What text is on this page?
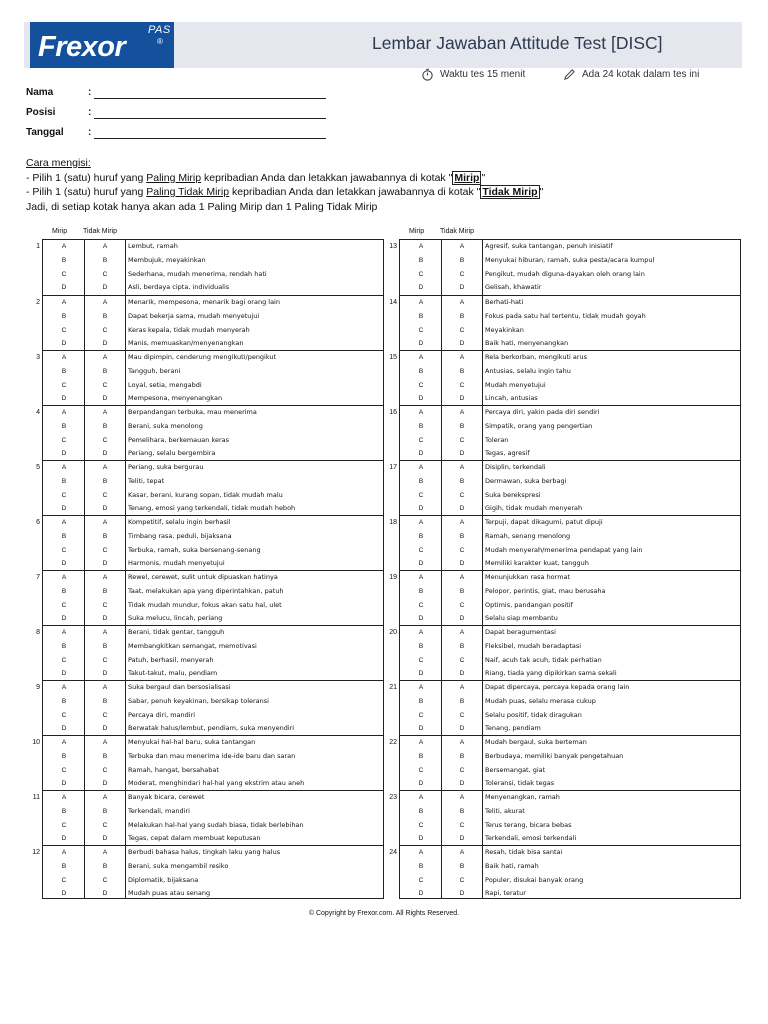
PAS
Frexor	®	Lembar Jawaban Attitude Test [DISC]
Waktu tes 15 menit	Ada 24 kotak dalam tes ini
Nama	:
Posisi	:
Tanggal	:
Cara mengisi:
- Pilih 1 (satu) huruf yang Paling Mirip kepribadian Anda dan letakkan jawabannya di kotak " Mirip "
- Pilih 1 (satu) huruf yang Paling Tidak Mirip kepribadian Anda dan letakkan jawabannya di kotak " Tidak Mirip "
Jadi, di setiap kotak hanya akan ada 1 Paling Mirip dan 1 Paling Tidak Mirip
Mirip Tidak Mirip	Mirip Tidak Mirip
1	A	A	Lembut, ramah
B	B	Membujuk, meyakinkan
C	C	Sederhana, mudah menerima, rendah hati
D	D	Asli, berdaya cipta, individualis
2	A	A	Menarik, mempesona, menarik bagi orang lain
B	B	Dapat bekerja sama, mudah menyetujui
C	C	Keras kepala, tidak mudah menyerah
D	D	Manis, memuaskan/menyenangkan
3	A	A	Mau dipimpin, cenderung mengikuti/pengikut
B	B	Tangguh, berani
C	C	Loyal, setia, mengabdi
D	D	Mempesona, menyenangkan
4	A	A	Berpandangan terbuka, mau menerima
B	B	Berani, suka menolong
C	C	Pemelihara, berkemauan keras
D	D	Periang, selalu bergembira
5	A	A	Periang, suka bergurau
B	B	Teliti, tepat
C	C	Kasar, berani, kurang sopan, tidak mudah malu
D	D	Tenang, emosi yang terkendali, tidak mudah heboh
6	A	A	Kompetitif, selalu ingin berhasil
B	B	Timbang rasa, peduli, bijaksana
C	C	Terbuka, ramah, suka bersenang-senang
D	D	Harmonis, mudah menyetujui
7	A	A	Rewel, cerewet, sulit untuk dipuaskan hatinya
B	B	Taat, melakukan apa yang diperintahkan, patuh
C	C	Tidak mudah mundur, fokus akan satu hal, ulet
D	D	Suka melucu, lincah, periang
8	A	A	Berani, tidak gentar, tangguh
B	B	Membangkitkan semangat, memotivasi
C	C	Patuh, berhasil, menyerah
D	D	Takut-takut, malu, pendiam
9	A	A	Suka bergaul dan bersosialisasi
B	B	Sabar, penuh keyakinan, bersikap toleransi
C	C	Percaya diri, mandiri
D	D	Berwatak halus/lembut, pendiam, suka menyendiri
10	A	A	Menyukai hal-hal baru, suka tantangan
B	B	Terbuka dan mau menerima ide-ide baru dan saran
C	C	Ramah, hangat, bersahabat
D	D	Moderat, menghindari hal-hal yang ekstrim atau aneh
11	A	A	Banyak bicara, cerewet
B	B	Terkendali, mandiri
C	C	Melakukan hal-hal yang sudah biasa, tidak berlebihan
D	D	Tegas, cepat dalam membuat keputusan
12	A	A	Berbudi bahasa halus, tingkah laku yang halus
B	B	Berani, suka mengambil resiko
C	C	Diplomatik, bijaksana
D	D	Mudah puas atau senang
13	A	A	Agresif, suka tantangan, penuh inisiatif
B	B	Menyukai hiburan, ramah, suka pesta/acara kumpul
C	C	Pengikut, mudah diguna-dayakan oleh orang lain
D	D	Gelisah, khawatir
14	A	A	Berhati-hati
B	B	Fokus pada satu hal tertentu, tidak mudah goyah
C	C	Meyakinkan
D	D	Baik hati, menyenangkan
15	A	A	Rela berkorban, mengikuti arus
B	B	Antusias, selalu ingin tahu
C	C	Mudah menyetujui
D	D	Lincah, antusias
16	A	A	Percaya diri, yakin pada diri sendiri
B	B	Simpatik, orang yang pengertian
C	C	Toleran
D	D	Tegas, agresif
17	A	A	Disiplin, terkendali
B	B	Dermawan, suka berbagi
C	C	Suka berekspresi
D	D	Gigih, tidak mudah menyerah
18	A	A	Terpuji, dapat dikagumi, patut dipuji
B	B	Ramah, senang menolong
C	C	Mudah menyerah/menerima pendapat yang lain
D	D	Memiliki karakter kuat, tangguh
19	A	A	Menunjukkan rasa hormat
B	B	Pelopor, perintis, giat, mau berusaha
C	C	Optimis, pandangan positif
D	D	Selalu siap membantu
20	A	A	Dapat beragumentasi
B	B	Fleksibel, mudah beradaptasi
C	C	Naif, acuh tak acuh, tidak perhatian
D	D	Riang, tiada yang dipikirkan sama sekali
21	A	A	Dapat dipercaya, percaya kepada orang lain
B	B	Mudah puas, selalu merasa cukup
C	C	Selalu positif, tidak diragukan
D	D	Tenang, pendiam
22	A	A	Mudah bergaul, suka berteman
B	B	Berbudaya, memiliki banyak pengetahuan
C	C	Bersemangat, giat
D	D	Toleransi, tidak tegas
23	A	A	Menyenangkan, ramah
B	B	Teliti, akurat
C	C	Terus terang, bicara bebas
D	D	Terkendali, emosi terkendali
24	A	A	Resah, tidak bisa santai
B	B	Baik hati, ramah
C	C	Populer, disukai banyak orang
D	D	Rapi, teratur
© Copyright by Frexor.com. All Rights Reserved.
